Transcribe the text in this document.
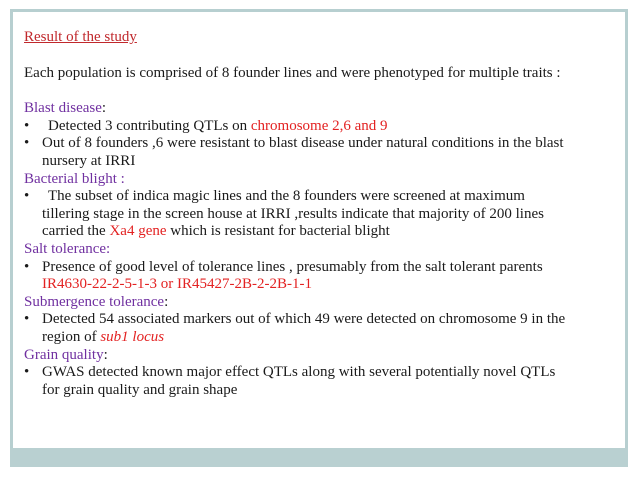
Result of the study

Each population is comprised of 8 founder lines and were phenotyped for multiple traits :

Blast disease:

•	Detected 3 contributing QTLs on chromosome 2,6 and 9
• Out of 8 founders ,6 were resistant to blast disease under natural conditions in the blast
nursery at IRRI

Bacterial blight :

•	The subset of indica magic lines and the 8 founders were screened at maximum
tillering stage in the screen house at IRRI ,results indicate that majority of 200 lines
carried the Xa4 gene which is resistant for bacterial blight

Salt tolerance:

• Presence of good level of tolerance lines , presumably from the salt tolerant parents
IR4630-22-2-5-1-3 or IR45427-2B-2-2B-1-1

Submergence tolerance:

• Detected 54 associated markers out of which 49 were detected on chromosome 9 in the
region of sub1 locus

Grain quality:

• GWAS detected known major effect QTLs along with several potentially novel QTLs
for grain quality and grain shape
